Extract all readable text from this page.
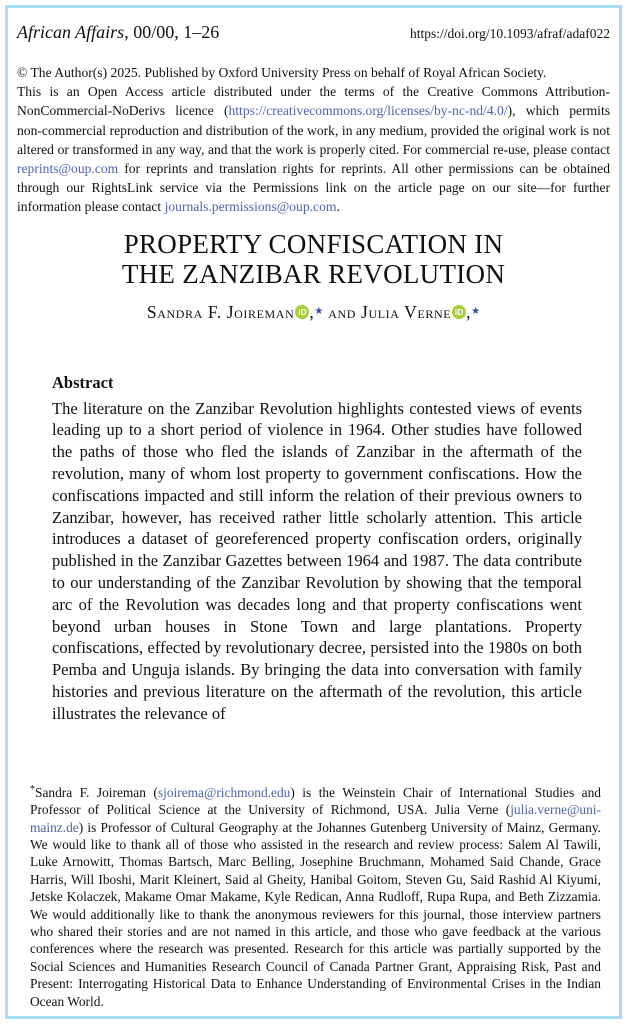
African Affairs, 00/00, 1–26	https://doi.org/10.1093/afraf/adaf022
© The Author(s) 2025. Published by Oxford University Press on behalf of Royal African Society.

This is an Open Access article distributed under the terms of the Creative Commons Attribution-NonCommercial-NoDerivs licence (https://creativecommons.org/licenses/by-nc-nd/4.0/), which permits non-commercial reproduction and distribution of the work, in any medium, provided the original work is not altered or transformed in any way, and that the work is properly cited. For commercial re-use, please contact reprints@oup.com for reprints and translation rights for reprints. All other permissions can be obtained through our RightsLink service via the Permissions link on the article page on our site—for further information please contact journals.permissions@oup.com.

PROPERTY CONFISCATION IN
THE ZANZIBAR REVOLUTION
Sandra F. Joireman iD ,★ and Julia Verne iD ,★
Abstract

The literature on the Zanzibar Revolution highlights contested views of events leading up to a short period of violence in 1964. Other studies have followed the paths of those who fled the islands of Zanzibar in the aftermath of the revolution, many of whom lost property to government confiscations. How the confiscations impacted and still inform the relation of their previous owners to Zanzibar, however, has received rather little scholarly attention. This article introduces a dataset of georeferenced property confiscation orders, originally published in the Zanzibar Gazettes between 1964 and 1987. The data contribute to our understanding of the Zanzibar Revolution by showing that the temporal arc of the Revolution was decades long and that property confiscations went beyond urban houses in Stone Town and large plantations. Property confiscations, effected by revolutionary decree, persisted into the 1980s on both Pemba and Unguja islands. By bringing the data into conversation with family histories and previous literature on the aftermath of the revolution, this article illustrates the relevance of

*Sandra F. Joireman (sjoirema@richmond.edu) is the Weinstein Chair of International Studies and Professor of Political Science at the University of Richmond, USA. Julia Verne (julia.verne@uni-mainz.de) is Professor of Cultural Geography at the Johannes Gutenberg University of Mainz, Germany. We would like to thank all of those who assisted in the research and review process: Salem Al Tawili, Luke Arnowitt, Thomas Bartsch, Marc Belling, Josephine Bruchmann, Mohamed Said Chande, Grace Harris, Will Iboshi, Marit Kleinert, Said al Gheity, Hanibal Goitom, Steven Gu, Said Rashid Al Kiyumi, Jetske Kolaczek, Makame Omar Makame, Kyle Redican, Anna Rudloff, Rupa Rupa, and Beth Zizzamia. We would additionally like to thank the anonymous reviewers for this journal, those interview partners who shared their stories and are not named in this article, and those who gave feedback at the various conferences where the research was presented. Research for this article was partially supported by the Social Sciences and Humanities Research Council of Canada Partner Grant, Appraising Risk, Past and Present: Interrogating Historical Data to Enhance Understanding of Environmental Crises in the Indian Ocean World.
